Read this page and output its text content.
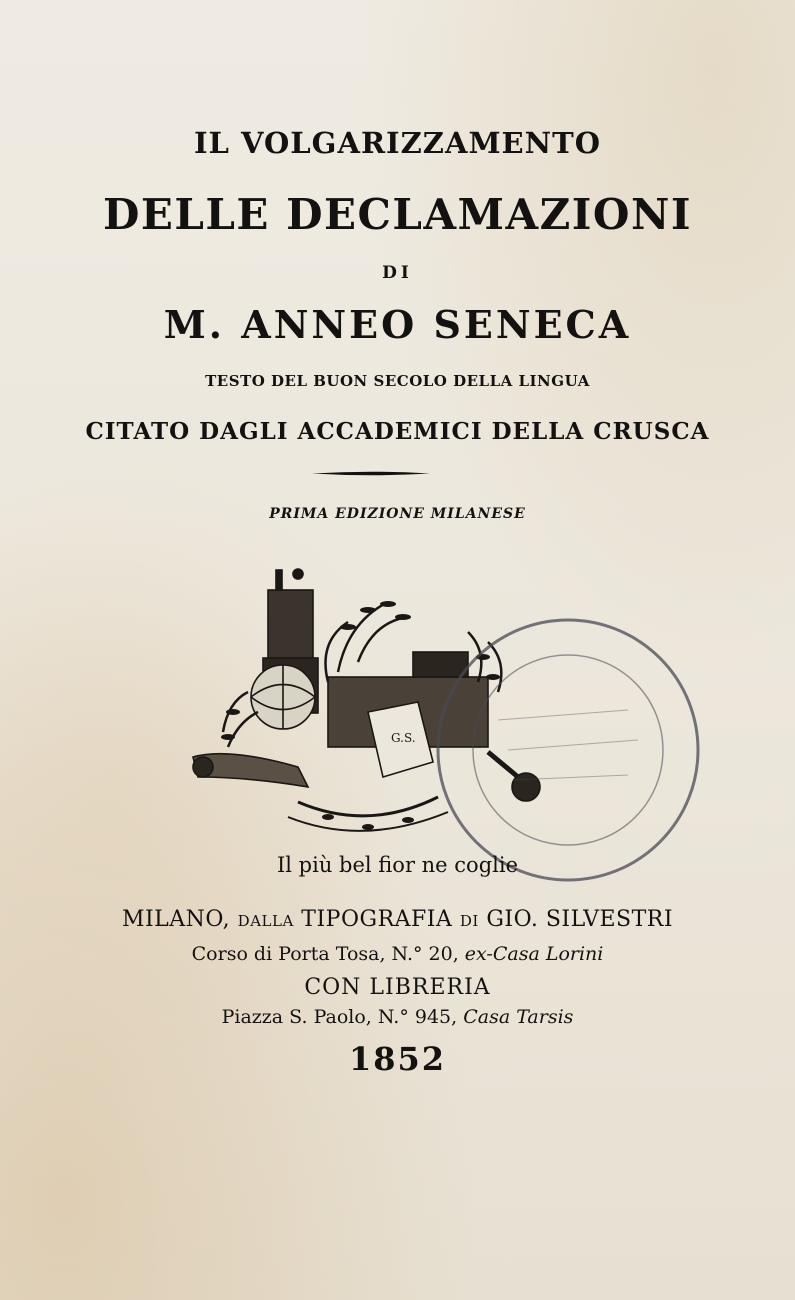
IL VOLGARIZZAMENTO
DELLE DECLAMAZIONI
DI
M. ANNEO SENECA
TESTO DEL BUON SECOLO DELLA LINGUA
CITATO DAGLI ACCADEMICI DELLA CRUSCA
PRIMA EDIZIONE MILANESE
G.S.
Il più bel fior ne coglie
MILANO, DALLA TIPOGRAFIA DI GIO. SILVESTRI
Corso di Porta Tosa, N.° 20, ex-Casa Lorini
CON LIBRERIA
Piazza S. Paolo, N.° 945, Casa Tarsis
1852
